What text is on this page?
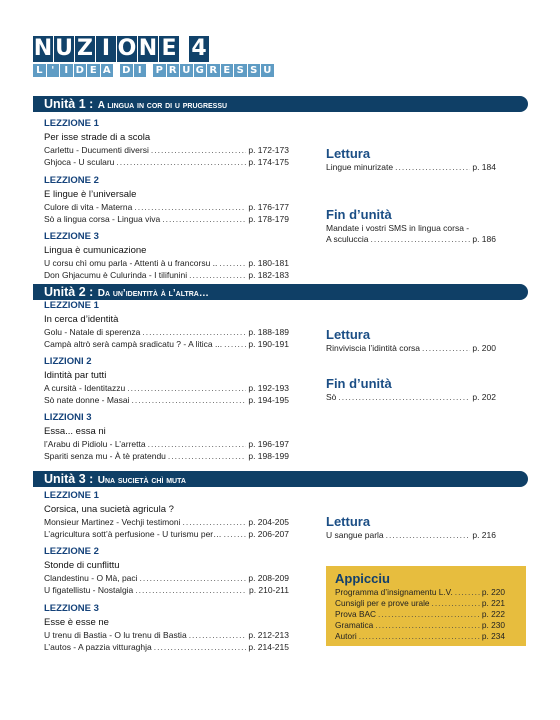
N U Z I O N E 4
L '	I D E A D I	P R U G R E S S U
Unità 1 : A lingua in cor di u prugressu
LEZZIONE 1
Per isse strade di a scola
Carlettu - Ducumenti diversi .....	p. 172-173
Ghjoca - U scularu .....	p. 174-175
LEZZIONE 2
E lingue è l’universale
Culore di vita - Materna .....	p. 176-177
Sò a lingua corsa - Lingua viva .....	p. 178-179
LEZZIONE 3
Lingua è cumunicazione
U corsu chì omu parla - Attenti à u francorsu .. .....	p. 180-181
Don Ghjacumu è Culurinda - I tilifunini .....	p. 182-183
Lettura
Lingue minurizate .....	p. 184
Fin d’unità
Mandate i vostri SMS in lingua corsa -
A sculuccia .....	p. 186
Unità 2 : Da un’identità à l’altra…
LEZZIONE 1
In cerca d’identità
Golu - Natale di sperenza .....	p. 188-189
Campà altrò serà campà sradicatu ? - A litica ... .....	p. 190-191
LIZZIONI 2
Idintità par tutti
A cursità - Identitazzu .....	p. 192-193
Sò nate donne - Masai .....	p. 194-195
LIZZIONI 3
Essa... essa ni
l’Arabu di Pidiolu - L’arretta .....	p. 196-197
Spariti senza mu - À tè pratendu .....	p. 198-199
Lettura
Rinviviscia l’idintità corsa .....	p. 200
Fin d’unità
Sò .....	p. 202
Unità 3 : Una sucietà chì muta
LEZZIONE 1
Corsica, una sucietà agricula ?
Monsieur Martinez - Vechji testimoni .....	p. 204-205
L’agricultura sott’à perfusione - U turismu per… .....	p. 206-207
LEZZIONE 2
Stonde di cunflittu
Clandestinu - O Mà, paci .....	p. 208-209
U figatellistu - Nostalgia .....	p. 210-211
LEZZIONE 3
Esse è esse ne
U trenu di Bastia - O lu trenu di Bastia .....	p. 212-213
L’autos - A pazzia vitturaghja .....	p. 214-215
Lettura
U sangue parla .....	p. 216
Appicciu
Programma d’insignamentu L.V. .....	p. 220
Cunsigli per e prove urale .....	p. 221
Prova BAC .....	p. 222
Gramatica .....	p. 230
Autori .....	p. 234
